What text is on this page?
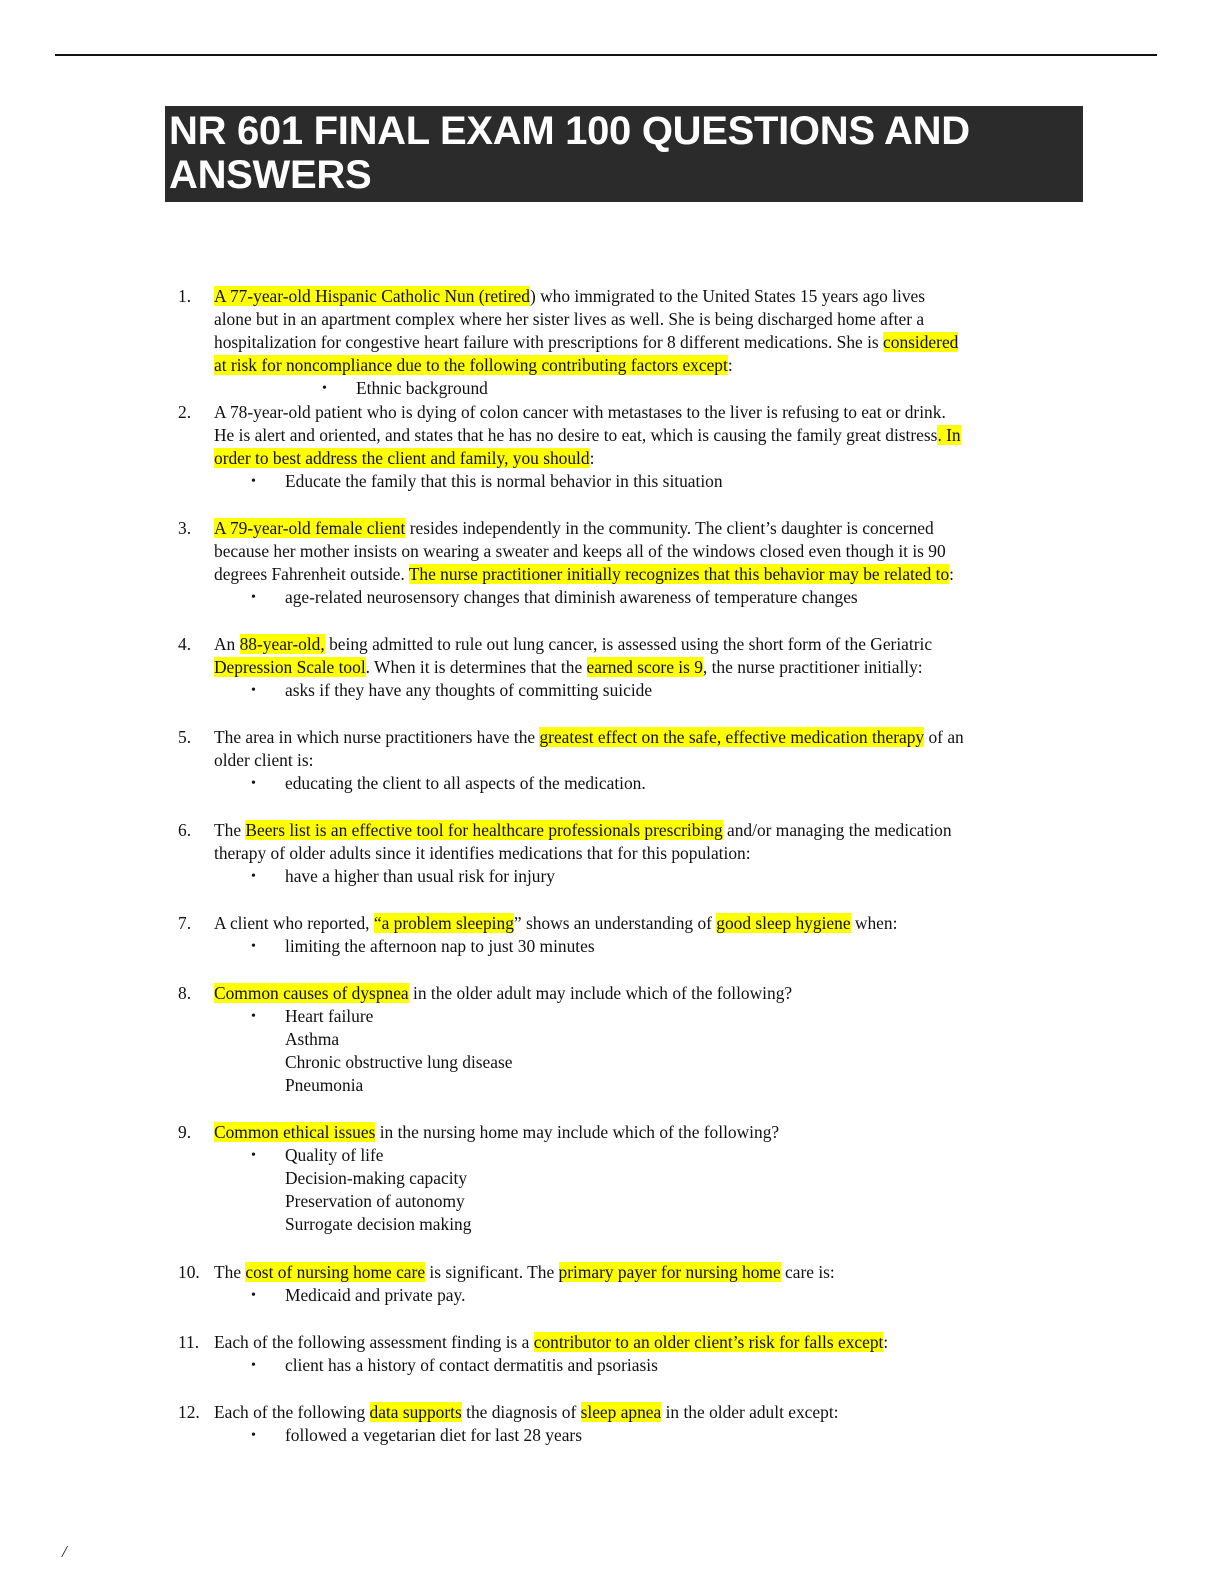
NR 601 FINAL EXAM 100 QUESTIONS AND
ANSWERS
1. A 77-year-old Hispanic Catholic Nun (retired) who immigrated to the United States 15 years ago lives
alone but in an apartment complex where her sister lives as well. She is being discharged home after a
hospitalization for congestive heart failure with prescriptions for 8 different medications. She is considered
at risk for noncompliance due to the following contributing factors except:
• Ethnic background
2. A 78-year-old patient who is dying of colon cancer with metastases to the liver is refusing to eat or drink.
He is alert and oriented, and states that he has no desire to eat, which is causing the family great distress. In
order to best address the client and family, you should:
• Educate the family that this is normal behavior in this situation
3. A 79-year-old female client resides independently in the community. The client’s daughter is concerned
because her mother insists on wearing a sweater and keeps all of the windows closed even though it is 90
degrees Fahrenheit outside. The nurse practitioner initially recognizes that this behavior may be related to:
• age-related neurosensory changes that diminish awareness of temperature changes
4. An 88-year-old, being admitted to rule out lung cancer, is assessed using the short form of the Geriatric
Depression Scale tool. When it is determines that the earned score is 9, the nurse practitioner initially:
• asks if they have any thoughts of committing suicide
5. The area in which nurse practitioners have the greatest effect on the safe, effective medication therapy of an
older client is:
• educating the client to all aspects of the medication.
6. The Beers list is an effective tool for healthcare professionals prescribing and/or managing the medication
therapy of older adults since it identifies medications that for this population:
• have a higher than usual risk for injury
7. A client who reported, “a problem sleeping” shows an understanding of good sleep hygiene when:
• limiting the afternoon nap to just 30 minutes
8. Common causes of dyspnea in the older adult may include which of the following?
• Heart failure
Asthma
Chronic obstructive lung disease
Pneumonia
9. Common ethical issues in the nursing home may include which of the following?
• Quality of life
Decision-making capacity
Preservation of autonomy
Surrogate decision making
10. The cost of nursing home care is significant. The primary payer for nursing home care is:
• Medicaid and private pay.
11. Each of the following assessment finding is a contributor to an older client’s risk for falls except:
• client has a history of contact dermatitis and psoriasis
12. Each of the following data supports the diagnosis of sleep apnea in the older adult except:
• followed a vegetarian diet for last 28 years
/
